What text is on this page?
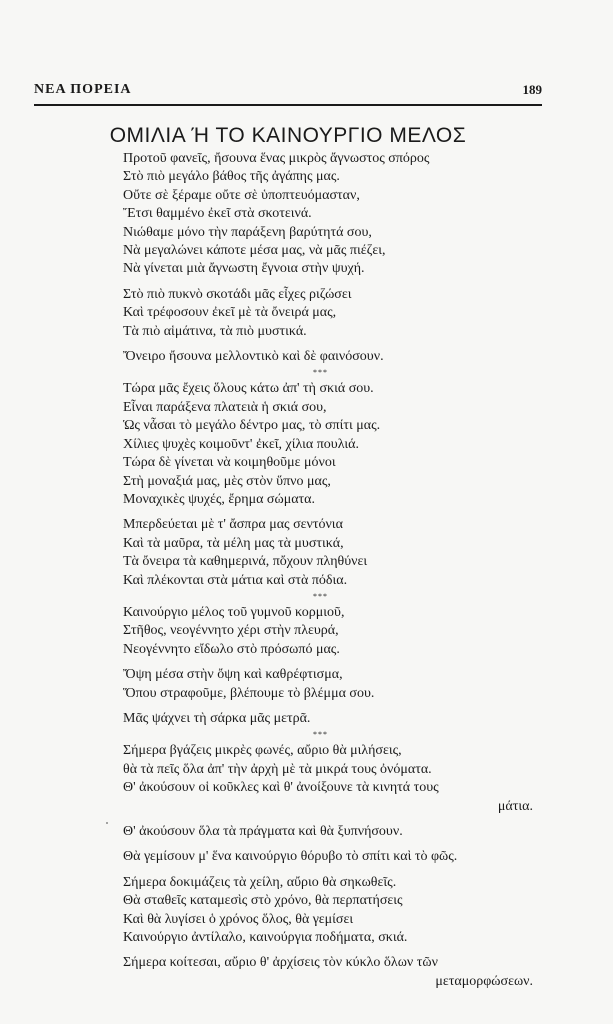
ΝΕΑ ΠΟΡΕΙΑ	189
ΟΜΙΛΙΑ Ή ΤΟ ΚΑΙΝΟΥΡΓΙΟ ΜΕΛΟΣ
Προτοῦ φανεῖς, ἤσουνα ἕνας μικρὸς ἄγνωστος σπόρος
Στὸ πιὸ μεγάλο βάθος τῆς ἀγάπης μας.
Οὔτε σὲ ξέραμε οὔτε σὲ ὑποπτευόμασταν,
Ἔτσι θαμμένο ἐκεῖ στὰ σκοτεινά.
Νιώθαμε μόνο τὴν παράξενη βαρύτητά σου,
Νὰ μεγαλώνει κάποτε μέσα μας, νὰ μᾶς πιέζει,
Νὰ γίνεται μιὰ ἄγνωστη ἔγνοια στὴν ψυχή.
Στὸ πιὸ πυκνὸ σκοτάδι μᾶς εἶχες ριζώσει
Καὶ τρέφοσουν ἐκεῖ μὲ τὰ ὄνειρά μας,
Τὰ πιὸ αἱμάτινα, τὰ πιὸ μυστικά.
Ὄνειρο ἤσουνα μελλοντικὸ καὶ δὲ φαινόσουν.
***
Τώρα μᾶς ἔχεις ὅλους κάτω ἀπ' τὴ σκιά σου.
Εἶναι παράξενα πλατειὰ ἡ σκιά σου,
Ὡς νἆσαι τὸ μεγάλο δέντρο μας, τὸ σπίτι μας.
Χίλιες ψυχὲς κοιμοῦντ' ἐκεῖ, χίλια πουλιά.
Τώρα δὲ γίνεται νὰ κοιμηθοῦμε μόνοι
Στὴ μοναξιά μας, μὲς στὸν ὕπνο μας,
Μοναχικὲς ψυχές, ἔρημα σώματα.
Μπερδεύεται μὲ τ' ἄσπρα μας σεντόνια
Καὶ τὰ μαῦρα, τὰ μέλη μας τὰ μυστικά,
Τὰ ὄνειρα τὰ καθημερινά, πὄχουν πληθύνει
Καὶ πλέκονται στὰ μάτια καὶ στὰ πόδια.
***
Καινούργιο μέλος τοῦ γυμνοῦ κορμιοῦ,
Στῆθος, νεογέννητο χέρι στὴν πλευρά,
Νεογέννητο εἴδωλο στὸ πρόσωπό μας.
Ὄψη μέσα στὴν ὄψη καὶ καθρέφτισμα,
Ὅπου στραφοῦμε, βλέπουμε τὸ βλέμμα σου.
Μᾶς ψάχνει τὴ σάρκα μᾶς μετρᾶ.
***
Σήμερα βγάζεις μικρὲς φωνές, αὔριο θὰ μιλήσεις,
θὰ τὰ πεῖς ὅλα ἀπ' τὴν ἀρχὴ μὲ τὰ μικρά τους ὀνόματα.
Θ' ἀκούσουν οἱ κοῦκλες καὶ θ' ἀνοίξουνε τὰ κινητά τους
μάτια.
Θ' ἀκούσουν ὅλα τὰ πράγματα καὶ θὰ ξυπνήσουν.
Θὰ γεμίσουν μ' ἕνα καινούργιο θόρυβο τὸ σπίτι καὶ τὸ φῶς.
Σήμερα δοκιμάζεις τὰ χείλη, αὔριο θὰ σηκωθεῖς.
Θὰ σταθεῖς καταμεσὶς στὸ χρόνο, θὰ περπατήσεις
Καὶ θὰ λυγίσει ὁ χρόνος ὅλος, θὰ γεμίσει
Καινούργιο ἀντίλαλο, καινούργια ποδήματα, σκιά.
Σήμερα κοίτεσαι, αὔριο θ' ἀρχίσεις τὸν κύκλο ὅλων τῶν
μεταμορφώσεων.
